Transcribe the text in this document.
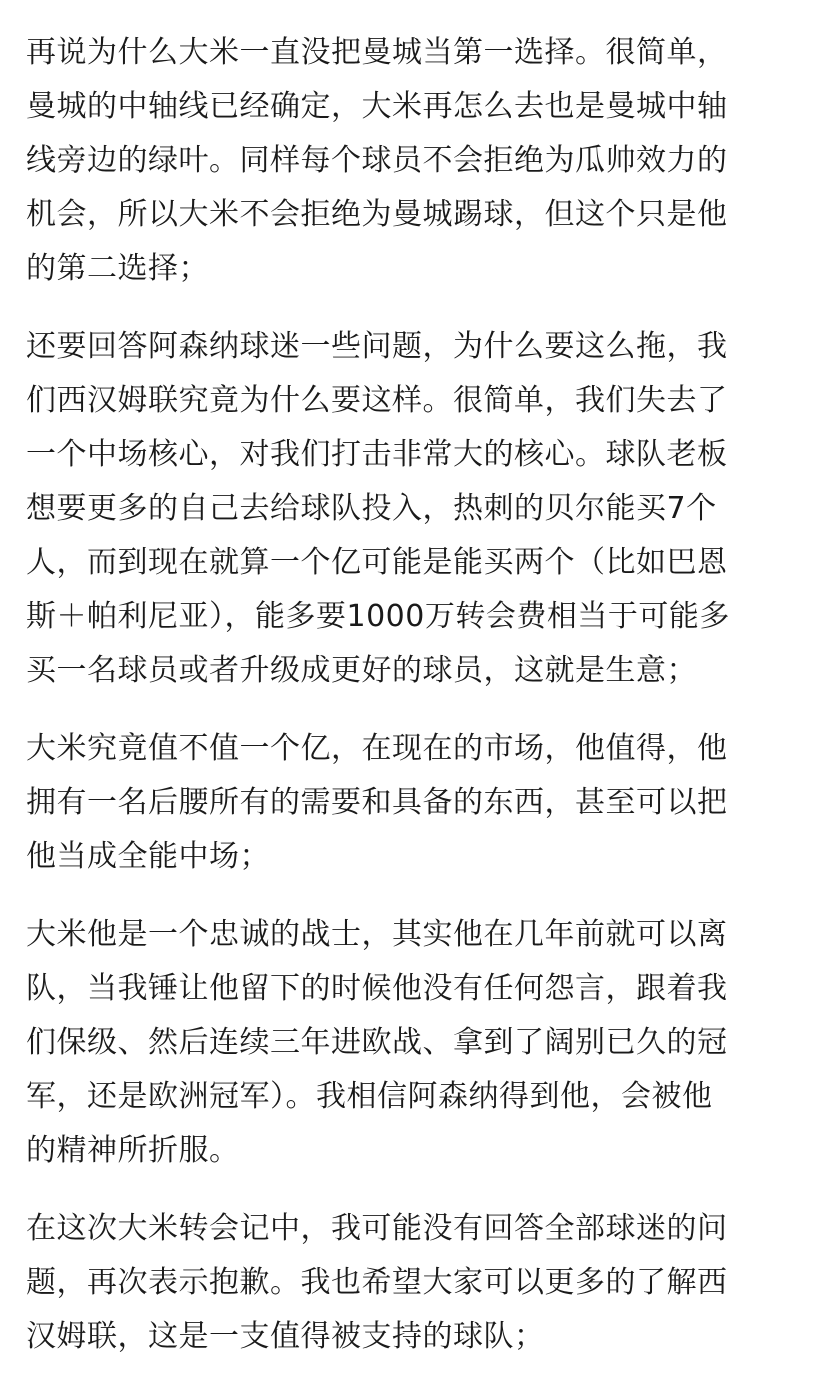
再说为什么大米一直没把曼城当第一选择。很简单，
曼城的中轴线已经确定，大米再怎么去也是曼城中轴
线旁边的绿叶。同样每个球员不会拒绝为瓜帅效力的
机会，所以大米不会拒绝为曼城踢球，但这个只是他
的第二选择；
还要回答阿森纳球迷一些问题，为什么要这么拖，我
们西汉姆联究竟为什么要这样。很简单，我们失去了
一个中场核心，对我们打击非常大的核心。球队老板
想要更多的自己去给球队投入，热刺的贝尔能买7个
人，而到现在就算一个亿可能是能买两个（比如巴恩
斯＋帕利尼亚），能多要1000万转会费相当于可能多
买一名球员或者升级成更好的球员，这就是生意；
大米究竟值不值一个亿，在现在的市场，他值得，他
拥有一名后腰所有的需要和具备的东西，甚至可以把
他当成全能中场；
大米他是一个忠诚的战士，其实他在几年前就可以离
队，当我锤让他留下的时候他没有任何怨言，跟着我
们保级、然后连续三年进欧战、拿到了阔别已久的冠
军，还是欧洲冠军）。我相信阿森纳得到他，会被他
的精神所折服。
在这次大米转会记中，我可能没有回答全部球迷的问
题，再次表示抱歉。我也希望大家可以更多的了解西
汉姆联，这是一支值得被支持的球队；
